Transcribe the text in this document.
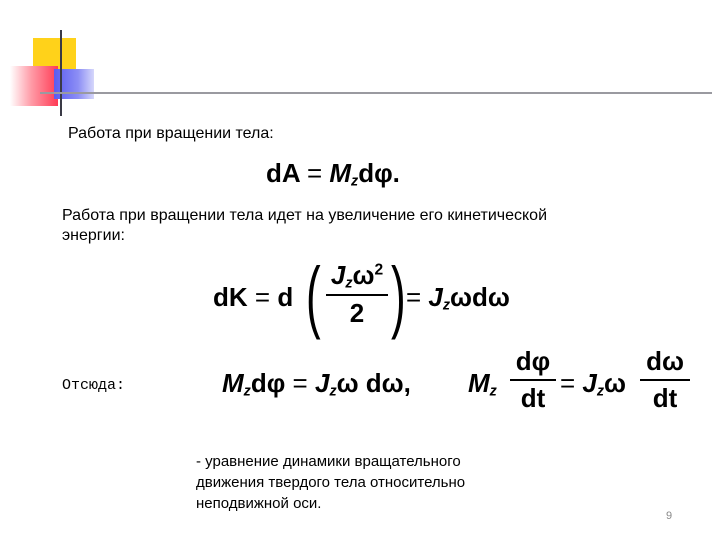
Работа при вращении тела:
dA = $M_zd\varphi$.
Работа при вращении тела идет на увеличение его кинетической
энергии:
dK = d ( $J_z\omega^2$
2 ) = $J_z\omega d\omega$
Отсюда:	$M_zd\varphi = J_z\omega$ dω, $M_z$
dφ
dt = $J_z\omega$
dω
dt
- уравнение динамики вращательного
движения твердого тела относительно
неподвижной оси.
9
